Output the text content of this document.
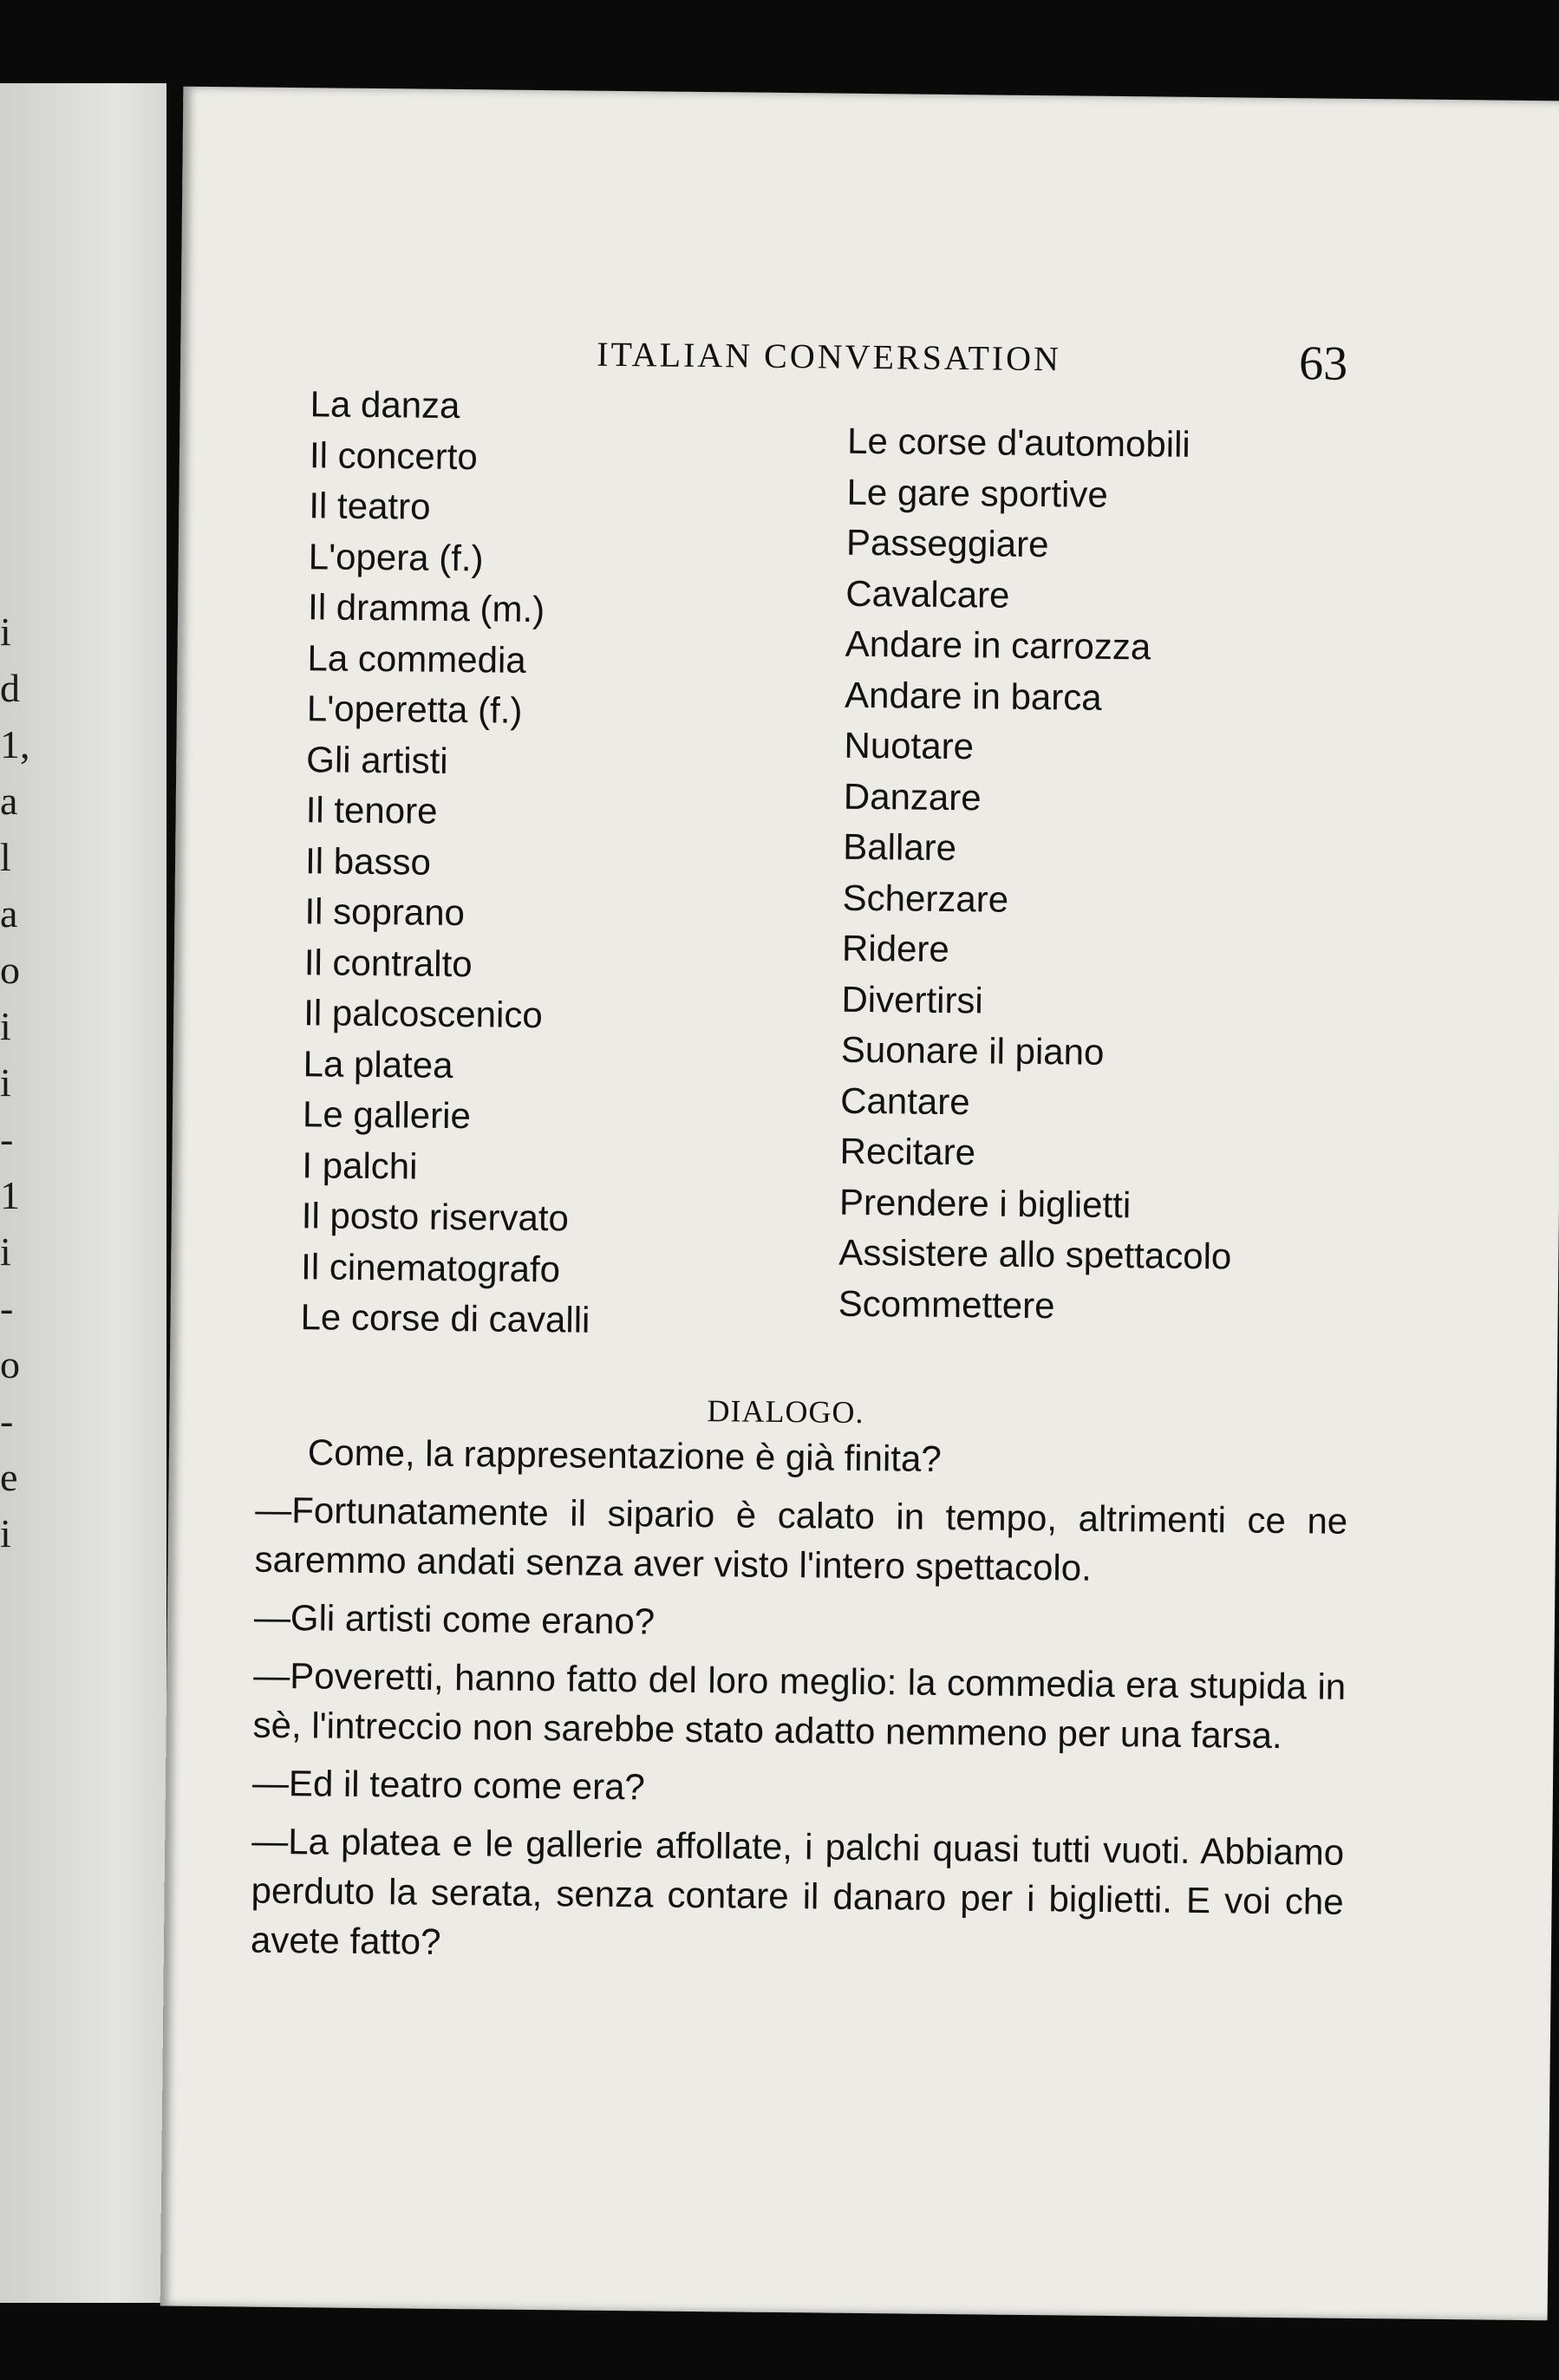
i
d
1,
a
l
a
o
i
i
-
1
i
-
o
-
e
i
ITALIAN CONVERSATION	63
La danza
Il concerto
Il teatro
L'opera (f.)
Il dramma (m.)
La commedia
L'operetta (f.)
Gli artisti
Il tenore
Il basso
Il soprano
Il contralto
Il palcoscenico
La platea
Le gallerie
I palchi
Il posto riservato
Il cinematografo
Le corse di cavalli
Le corse d'automobili
Le gare sportive
Passeggiare
Cavalcare
Andare in carrozza
Andare in barca
Nuotare
Danzare
Ballare
Scherzare
Ridere
Divertirsi
Suonare il piano
Cantare
Recitare
Prendere i biglietti
Assistere allo spettacolo
Scommettere
DIALOGO.

Come, la rappresentazione è già finita?

—Fortunatamente il sipario è calato in tempo, altrimenti ce ne saremmo andati senza aver visto l'intero spettacolo.

—Gli artisti come erano?

—Poveretti, hanno fatto del loro meglio: la commedia era stupida in sè, l'intreccio non sarebbe stato adatto nemmeno per una farsa.

—Ed il teatro come era?

—La platea e le gallerie affollate, i palchi quasi tutti vuoti. Abbiamo perduto la serata, senza contare il danaro per i biglietti. E voi che avete fatto?
